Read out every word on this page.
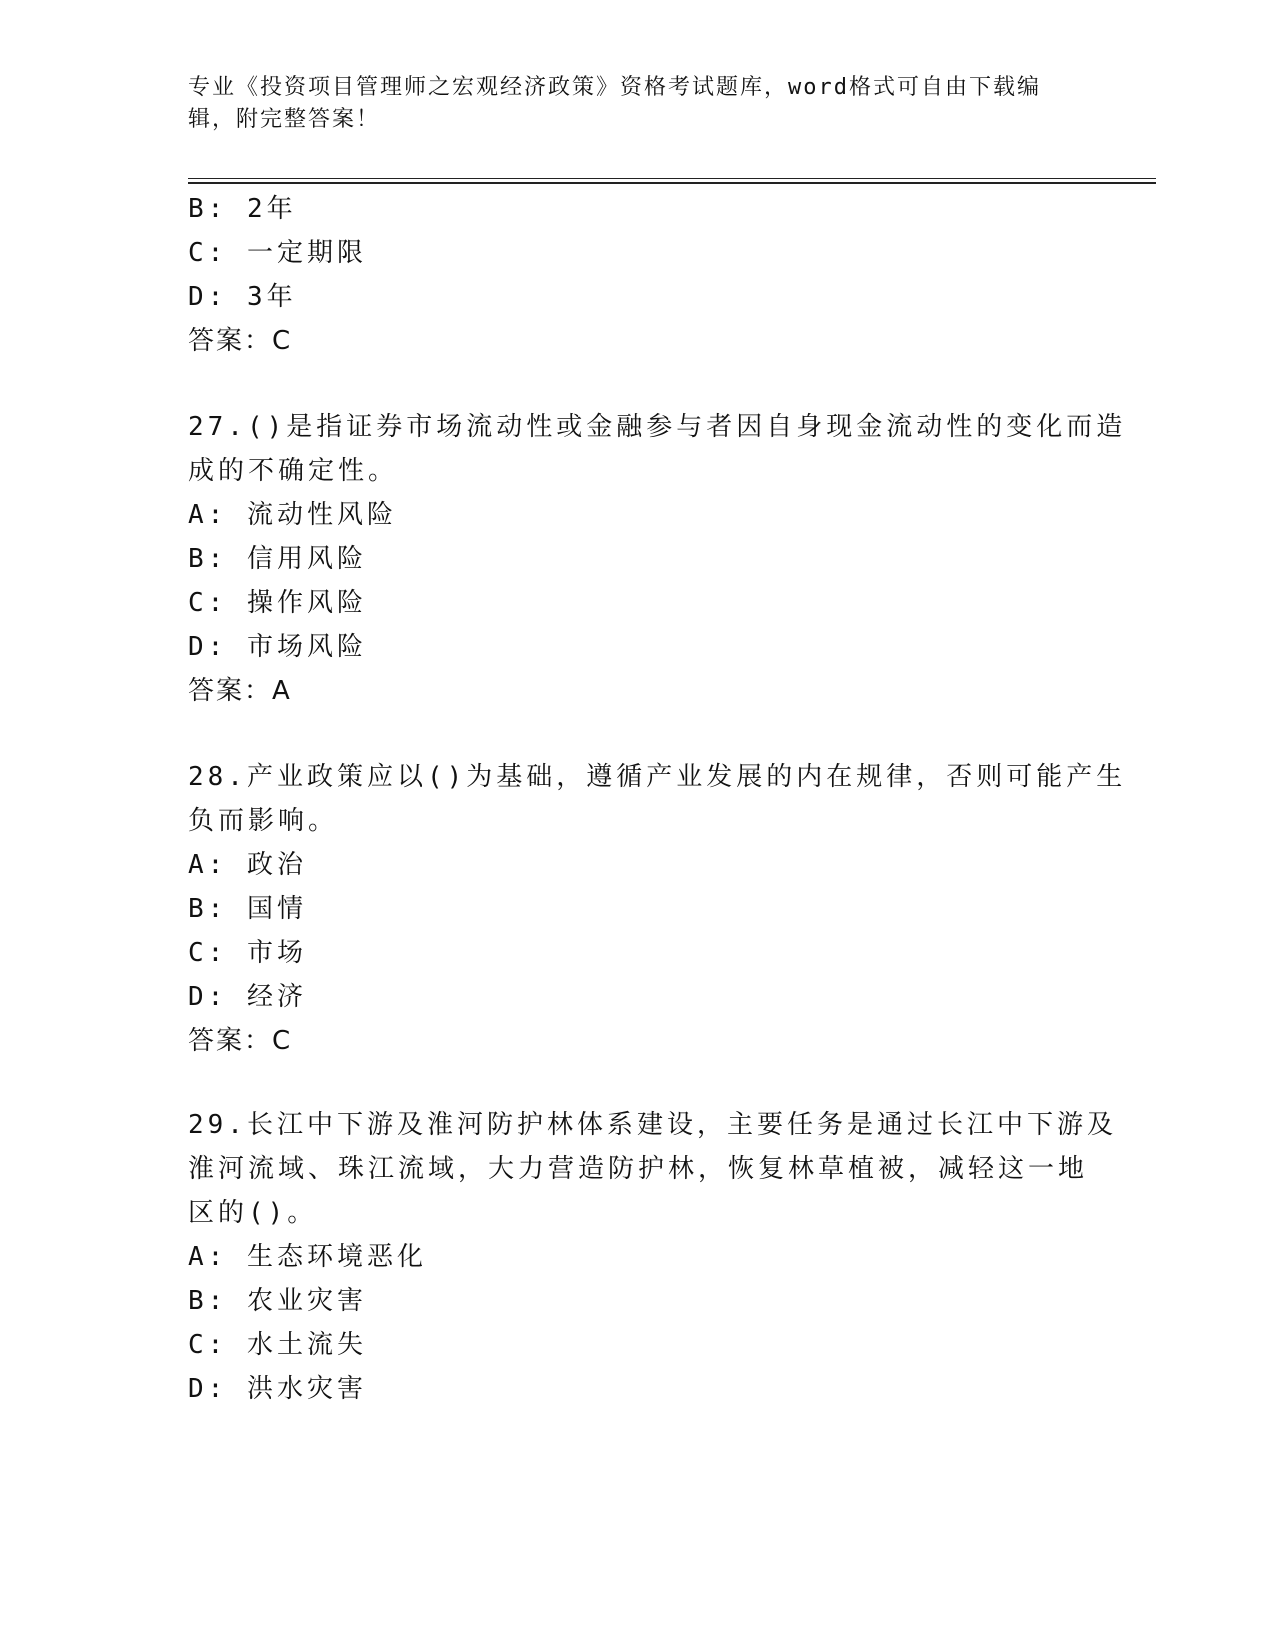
专业《投资项目管理师之宏观经济政策》资格考试题库，word格式可自由下载编
辑，附完整答案！
B: 2年
C: 一定期限
D: 3年
答案：C
27.()是指证券市场流动性或金融参与者因自身现金流动性的变化而造
成的不确定性。
A: 流动性风险
B: 信用风险
C: 操作风险
D: 市场风险
答案：A
28.产业政策应以()为基础，遵循产业发展的内在规律，否则可能产生
负而影响。
A: 政治
B: 国情
C: 市场
D: 经济
答案：C
29.长江中下游及淮河防护林体系建设，主要任务是通过长江中下游及
淮河流域、珠江流域，大力营造防护林，恢复林草植被，减轻这一地
区的()。
A: 生态环境恶化
B: 农业灾害
C: 水土流失
D: 洪水灾害
